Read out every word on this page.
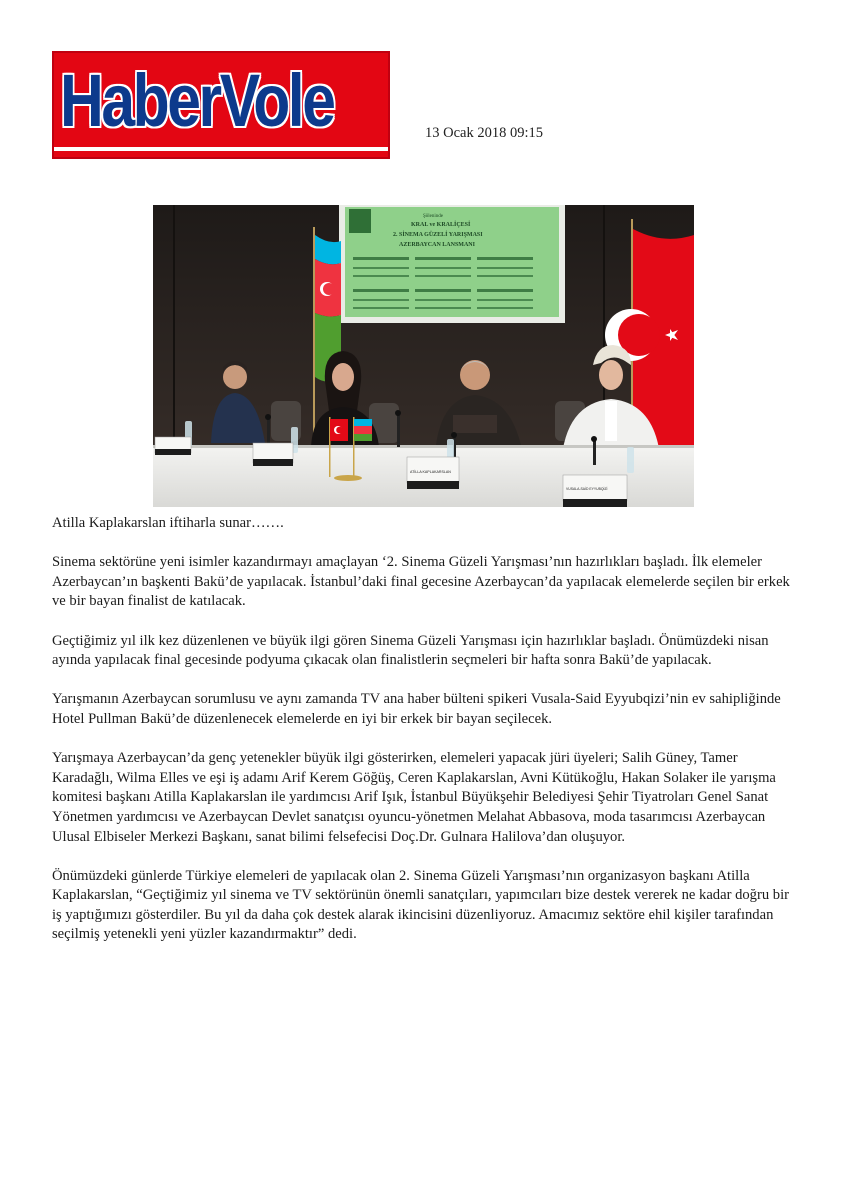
HaberVole	13 Ocak 2018 09:15
Şöleninde
KRAL ve KRALİÇESİ
2. SİNEMA GÜZELİ YARIŞMASI
AZERBAYCAN LANSMANI
ATİLLA KAPLAKARSLAN
VUSALA-SAİD EYYUBQİZİ

Atilla Kaplakarslan iftiharla sunar…….

Sinema sektörüne yeni isimler kazandırmayı amaçlayan ‘2. Sinema Güzeli Yarışması’nın hazırlıkları başladı. İlk elemeler Azerbaycan’ın başkenti Bakü’de yapılacak. İstanbul’daki final gecesine Azerbaycan’da yapılacak elemelerde seçilen bir erkek ve bir bayan finalist de katılacak.

Geçtiğimiz yıl ilk kez düzenlenen ve büyük ilgi gören Sinema Güzeli Yarışması için hazırlıklar başladı. Önümüzdeki nisan ayında yapılacak final gecesinde podyuma çıkacak olan finalistlerin seçmeleri bir hafta sonra Bakü’de yapılacak.

Yarışmanın Azerbaycan sorumlusu ve aynı zamanda TV ana haber bülteni spikeri Vusala-Said Eyyubqizi’nin ev sahipliğinde Hotel Pullman Bakü’de düzenlenecek elemelerde en iyi bir erkek bir bayan seçilecek.

Yarışmaya Azerbaycan’da genç yetenekler büyük ilgi gösterirken, elemeleri yapacak jüri üyeleri; Salih Güney, Tamer Karadağlı, Wilma Elles ve eşi iş adamı Arif Kerem Göğüş, Ceren Kaplakarslan, Avni Kütükoğlu, Hakan Solaker ile yarışma komitesi başkanı Atilla Kaplakarslan ile yardımcısı Arif Işık, İstanbul Büyükşehir Belediyesi Şehir Tiyatroları Genel Sanat Yönetmen yardımcısı ve Azerbaycan Devlet sanatçısı oyuncu-yönetmen Melahat Abbasova, moda tasarımcısı Azerbaycan Ulusal Elbiseler Merkezi Başkanı, sanat bilimi felsefecisi Doç.Dr. Gulnara Halilova’dan oluşuyor.

Önümüzdeki günlerde Türkiye elemeleri de yapılacak olan 2. Sinema Güzeli Yarışması’nın organizasyon başkanı Atilla Kaplakarslan, “Geçtiğimiz yıl sinema ve TV sektörünün önemli sanatçıları, yapımcıları bize destek vererek ne kadar doğru bir iş yaptığımızı gösterdiler. Bu yıl da daha çok destek alarak ikincisini düzenliyoruz. Amacımız sektöre ehil kişiler tarafından seçilmiş yetenekli yeni yüzler kazandırmaktır” dedi.
